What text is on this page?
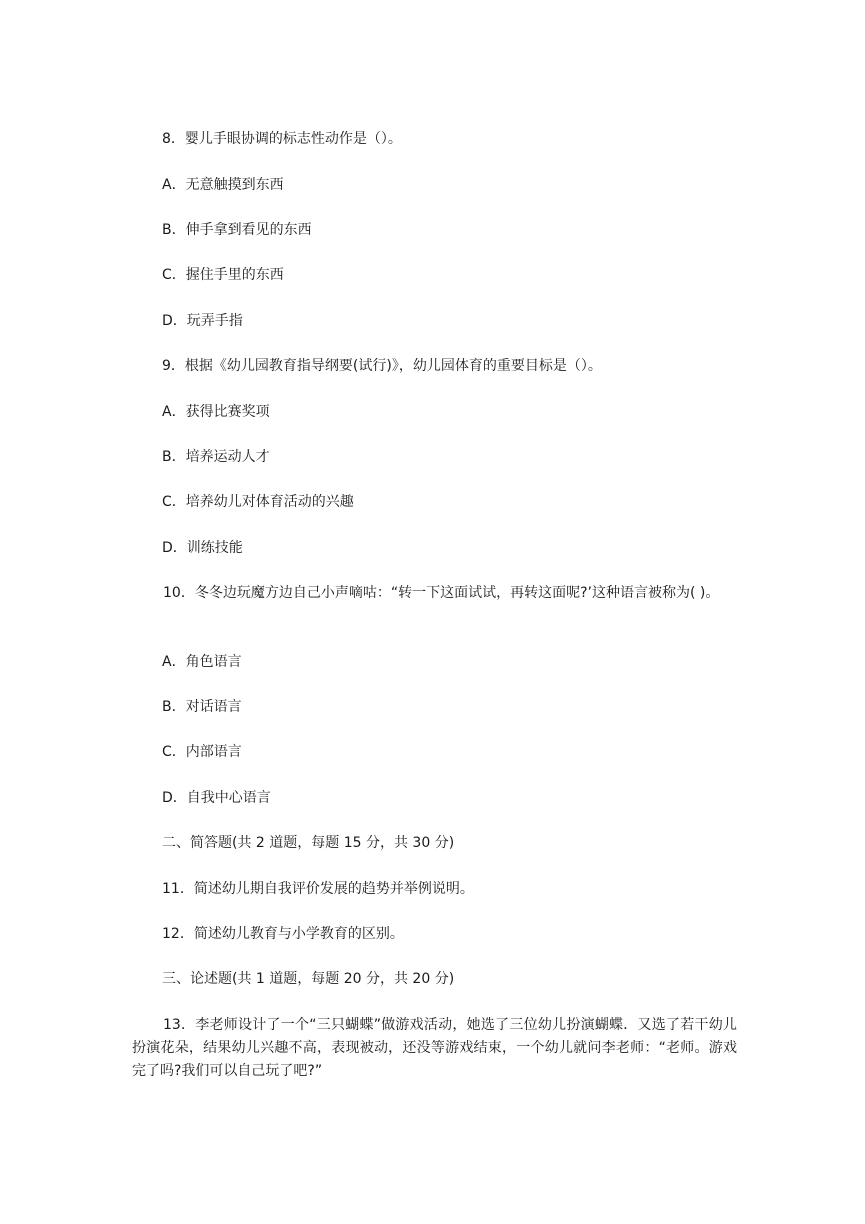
8．婴儿手眼协调的标志性动作是（）。
A．无意触摸到东西
B．伸手拿到看见的东西
C．握住手里的东西
D．玩弄手指
9．根据《幼儿园教育指导纲要(试行)》，幼儿园体育的重要目标是（）。
A．获得比赛奖项
B．培养运动人才
C．培养幼儿对体育活动的兴趣
D．训练技能
10．冬冬边玩魔方边自己小声嘀咕：“转一下这面试试，再转这面呢?’这种语言被称为( )。
A．角色语言
B．对话语言
C．内部语言
D．自我中心语言
二、简答题(共 2 道题，每题 15 分，共 30 分)
11．简述幼儿期自我评价发展的趋势并举例说明。
12．简述幼儿教育与小学教育的区别。
三、论述题(共 1 道题，每题 20 分，共 20 分)
13．李老师设计了一个“三只蝴蝶”做游戏活动，她选了三位幼儿扮演蝴蝶．又选了若干幼儿扮演花朵，结果幼儿兴趣不高，表现被动，还没等游戏结束，一个幼儿就问李老师：“老师。游戏完了吗?我们可以自己玩了吧?”
